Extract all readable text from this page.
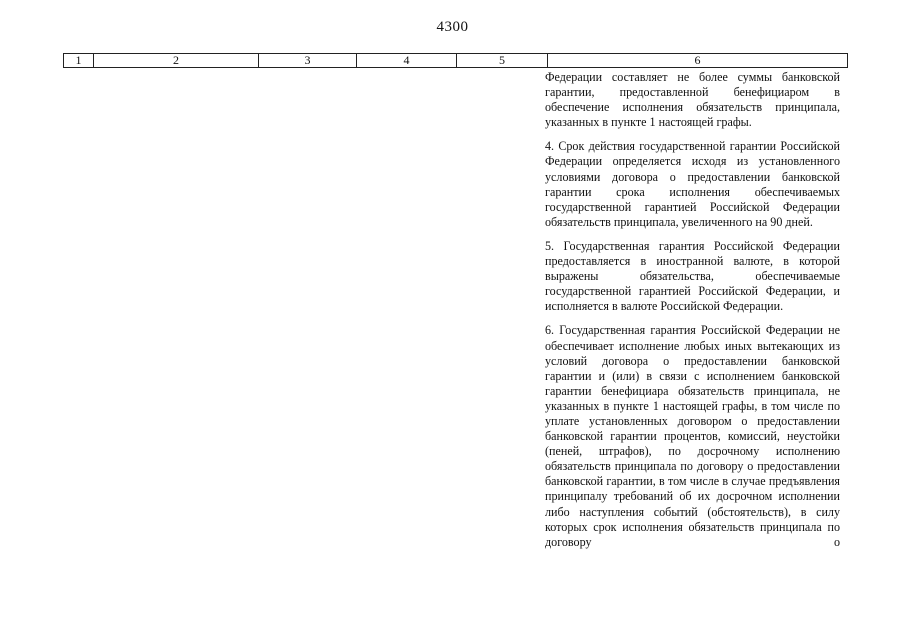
4300
1	2	3	4	5	6

Федерации составляет не более суммы банковской гарантии, предоставленной бенефициаром в обеспечение исполнения обязательств принципала, указанных в пункте 1 настоящей графы.

4. Срок действия государственной гарантии Российской Федерации определяется исходя из установленного условиями договора о предоставлении банковской гарантии срока исполнения обеспечиваемых государственной гарантией Российской Федерации обязательств принципала, увеличенного на 90 дней.

5. Государственная гарантия Российской Федерации предоставляется в иностранной валюте, в которой выражены обязательства, обеспечиваемые государственной гарантией Российской Федерации, и исполняется в валюте Российской Федерации.

6. Государственная гарантия Российской Федерации не обеспечивает исполнение любых иных вытекающих из условий договора о предоставлении банковской гарантии и (или) в связи с исполнением банковской гарантии бенефициара обязательств принципала, не указанных в пункте 1 настоящей графы, в том числе по уплате установленных договором о предоставлении банковской гарантии процентов, комиссий, неустойки (пеней, штрафов), по досрочному исполнению обязательств принципала по договору о предоставлении банковской гарантии, в том числе в случае предъявления принципалу требований об их досрочном исполнении либо наступления событий (обстоятельств), в силу которых срок исполнения обязательств принципала по договору о
